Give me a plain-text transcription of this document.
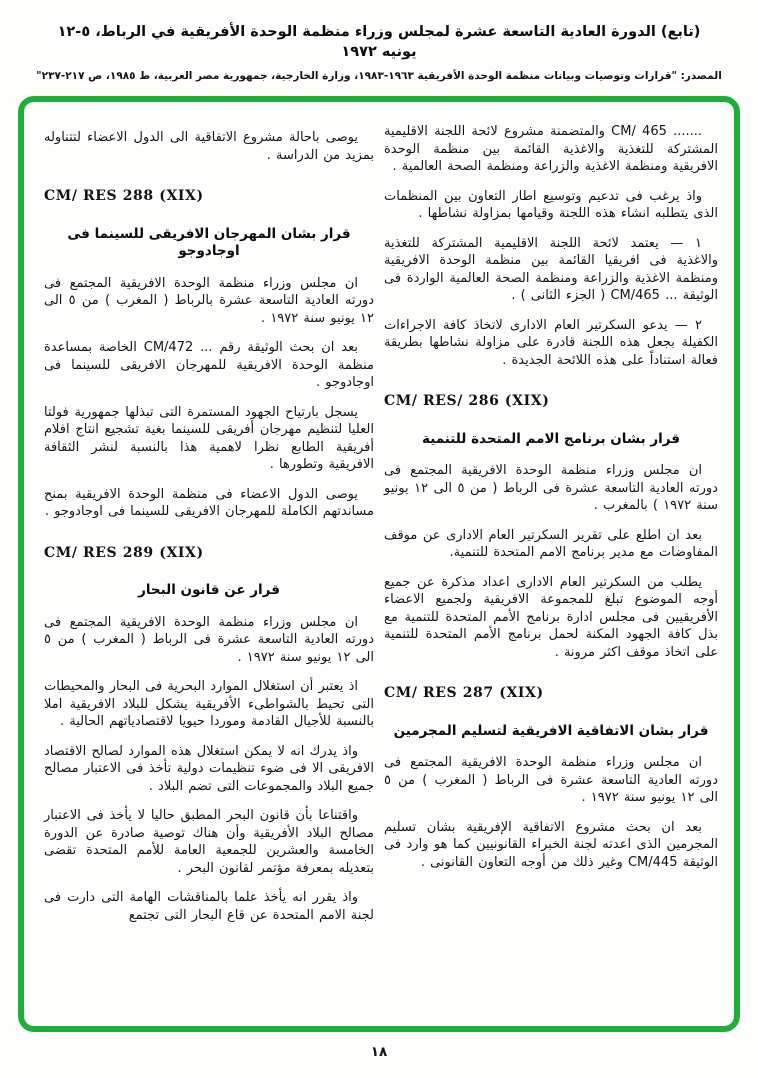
(تابع) الدورة العادية التاسعة عشرة لمجلس وزراء منظمة الوحدة الأفريقية في الرباط، ٥-١٢ يونيه ١٩٧٢
المصدر: "قرارات وتوصيات وبيانات منظمة الوحدة الأفريقية ١٩٦٣-١٩٨٣، وزارة الخارجية، جمهورية مصر العربية، ط ١٩٨٥، ص ٢١٧-٢٣٧"
....... CM/ 465 والمتضمنة مشروع لائحة اللجنة الاقليمية المشتركة للتغذية والاغذية القائمة بين منظمة الوحدة الافريقية ومنظمة الاغذية والزراعة ومنظمة الصحة العالمية .
واذ يرغب فى تدعيم وتوسيع اطار التعاون بين المنظمات الذى يتطلبه انشاء هذه اللجنة وقيامها بمزاولة نشاطها .
١ — يعتمد لائحة اللجنة الاقليمية المشتركة للتغذية والاغذية فى افريقيا القائمة بين منظمة الوحدة الافريقية ومنظمة الاغذية والزراعة ومنظمة الصحة العالمية الواردة فى الوثيقة ... CM/465 ( الجزء الثانى ) .
٢ — يدعو السكرتير العام الادارى لاتخاذ كافة الاجراءات الكفيلة بجعل هذه اللجنة قادرة على مزاولة نشاطها بطريقة فعالة استناداً على هذه اللائحة الجديدة .
CM/ RES/ 286 (XIX)
قرار بشان برنامج الامم المتحدة للتنمية
ان مجلس وزراء منظمة الوحدة الافريقية المجتمع فى دورته العادية التاسعة عشرة فى الرباط ( من ٥ الى ١٢ يونيو سنة ١٩٧٢ ) بالمغرب .
بعد ان اطلع على تقرير السكرتير العام الادارى عن موقف المفاوضات مع مدير برنامج الامم المتحدة للتنمية.
يطلب من السكرتير العام الادارى اعداد مذكرة عن جميع أوجه الموضوع تبلغ للمجموعة الافريقية ولجميع الاعضاء الأفريقيين فى مجلس ادارة برنامج الأمم المتحدة للتنمية مع بذل كافة الجهود المكنة لحمل برنامج الأمم المتحدة للتنمية على اتخاذ موقف اكثر مرونة .
CM/ RES 287 (XIX)
قرار بشان الاتفاقية الافريقية لتسليم المجرمين
ان مجلس وزراء منظمة الوحدة الافريقية المجتمع فى دورته العادية التاسعة عشرة فى الرباط ( المغرب ) من ٥ الى ١٢ يونيو سنة ١٩٧٢ .
بعد ان بحث مشروع الاتفاقية الإفريقية بشان تسليم المجرمين الذى اعدته لجنة الخبراء القانونيين كما هو وارد فى الوثيقة CM/445 وغير ذلك من أوجه التعاون القانونى .
يوصى باحالة مشروع الاتفاقية الى الدول الاعضاء لتتناوله بمزيد من الدراسة .
CM/ RES 288 (XIX)
قرار بشان المهرجان الافريقى للسينما فى اوجادوجو
ان مجلس وزراء منظمة الوحدة الافريقية المجتمع فى دورته العادية التاسعة عشرة بالرباط ( المغرب ) من ٥ الى ١٢ يونيو سنة ١٩٧٢ .
بعد ان بحث الوثيقة رقم ... CM/472 الخاصة بمساعدة منظمة الوحدة الافريقية للمهرجان الافريقى للسينما فى اوجادوجو .
يسجل بارتياح الجهود المستمرة التى تبذلها جمهورية فولتا العليا لتنظيم مهرجان أفريقى للسينما بغية تشجيع انتاج افلام أفريقية الطابع نظرا لاهمية هذا بالنسبة لنشر الثقافة الافريقية وتطورها .
يوصى الدول الاعضاء فى منظمة الوحدة الافريقية بمنح مساندتهم الكاملة للمهرجان الافريقى للسينما فى اوجادوجو .
CM/ RES 289 (XIX)
قرار عن قانون البحار
ان مجلس وزراء منظمة الوحدة الافريقية المجتمع فى دورته العادية التاسعة عشرة فى الرباط ( المغرب ) من ٥ الى ١٢ يونيو سنة ١٩٧٢ .
اذ يعتبر أن استغلال الموارد البحرية فى البحار والمحيطات التى تحيط بالشواطىء الأفريقية يشكل للبلاد الافريقية املا بالنسبة للأجيال القادمة وموردا حيويا لاقتصادياتهم الحالية .
واذ يدرك انه لا يمكن استغلال هذه الموارد لصالح الاقتصاد الافريقى الا فى ضوء تنظيمات دولية تأخذ فى الاعتبار مصالح جميع البلاد والمجموعات التى تضم البلاد .
واقتناعا بأن قانون البحر المطبق حاليا لا يأخذ فى الاعتبار مصالح البلاد الأفريقية وأن هناك توصية صادرة عن الدورة الخامسة والعشرين للجمعية العامة للأمم المتحدة تقضى بتعديله بمعرفة مؤتمر لقانون البحر .
واذ يقرر انه يأخذ علما بالمناقشات الهامة التى دارت فى لجنة الامم المتحدة عن قاع البحار التى تجتمع
١٨
